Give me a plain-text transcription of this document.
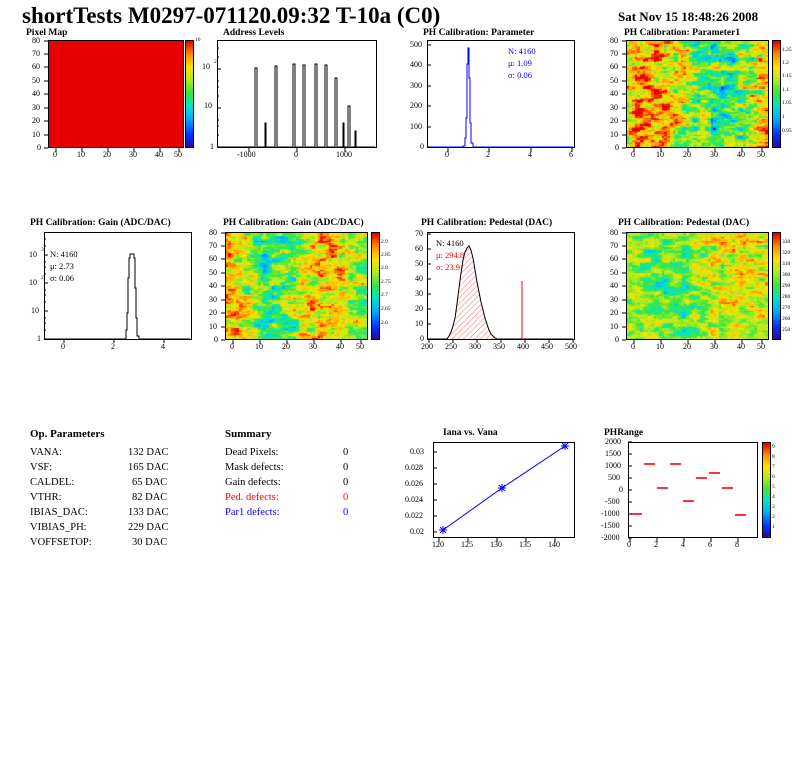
shortTests M0297-071120.09:32 T-10a (C0)	Sat Nov 15 18:48:26 2008
Pixel Map
0	10 20 30 40 50
0
10
20
30
40
50
60
70
80	10
Address Levels
-1000	0	1000
1
10
10 2
PH Calibration: Parameter
0	2	4	6
0
100
200
300
400
500
N: 4160
μ: 1.09
σ: 0.06
PH Calibration: Parameter1
0	10 20 30 40 50
0
10
20
30
40
50
60
70
80
1.25
1.2
1.15
1.1
1.05
1
0.95
PH Calibration: Gain (ADC/DAC)
0	2	4
1
10
10 2
10 3 N: 4160
μ: 2.73
σ: 0.06
PH Calibration: Gain (ADC/DAC)
0	10 20 30 40 50
0
10
20
30
40
50
60
70
80
2.9
2.85
2.8
2.75
2.7
2.65
2.6
PH Calibration: Pedestal (DAC)
200 250 300 350 400 450 500
0
10
20
30
40
50
60
70
N: 4160
μ: 294.8
σ: 23.9
PH Calibration: Pedestal (DAC)
0	10 20 30 40 50
0
10
20
30
40
50
60
70
80
330
320
310
300
290
280
270
260
250
Op. Parameters
VANA:	132 DAC
VSF:	165 DAC
CALDEL:	65 DAC
VTHR:	82 DAC
IBIAS_DAC:	133 DAC
VIBIAS_PH:	229 DAC
VOFFSETOP:	30 DAC
Summary
Dead Pixels:	0
Mask defects:	0
Gain defects:	0
Ped. defects:	0
Par1 defects:	0
Iana vs. Vana
120 125 130 135 140
0.02
0.022
0.024
0.026
0.028
0.03
PHRange
0	2	4	6	8
-2000
-1500
-1000
-500
0
500
1000
1500
2000
9
8
7
6
5
4
3
2
1
